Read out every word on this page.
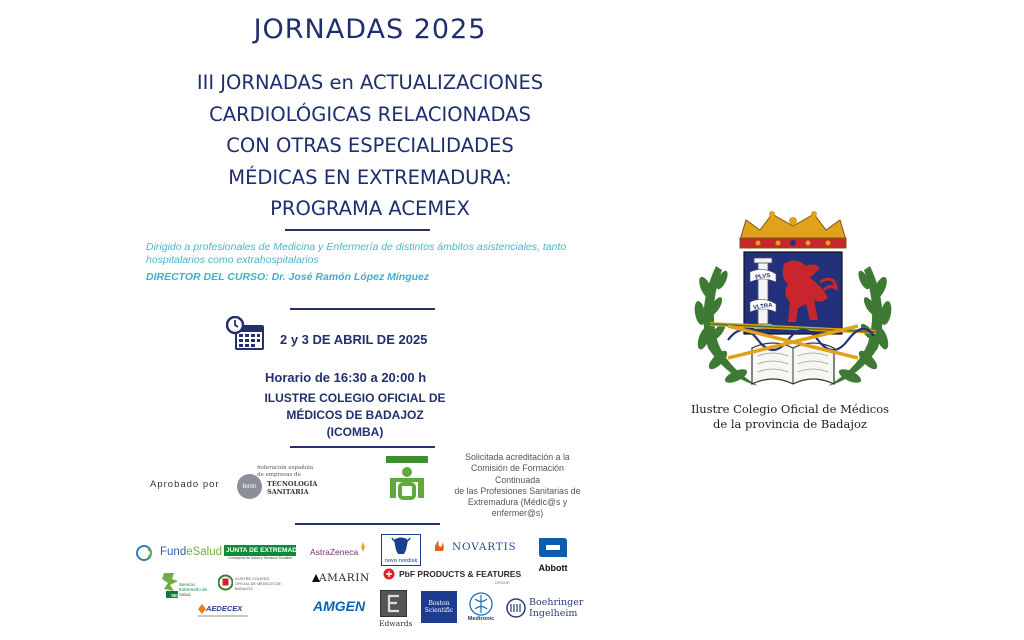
JORNADAS 2025
III JORNADAS en ACTUALIZACIONES
CARDIOLÓGICAS RELACIONADAS
CON OTRAS ESPECIALIDADES
MÉDICAS EN EXTREMADURA:
PROGRAMA ACEMEX
Dirigido a profesionales de Medicina y Enfermería de distintos ámbitos asistenciales, tanto hospitalarios como extrahospitalarios
DIRECTOR DEL CURSO: Dr. José Ramón López Mínguez
2 y 3 DE ABRIL DE 2025
Horario de 16:30 a 20:00 h
ILUSTRE COLEGIO OFICIAL DE
MÉDICOS DE BADAJOZ
(ICOMBA)
Aprobado por	fenin
federación española
de empresas de
TECNOLOGÍA SANITARIA
Solicitada acreditación a la
Comisión de Formación Continuada
de las Profesiones Sanitarias de
Extremadura (Médic@s y
enfermer@s)
FundeSalud JUNTA DE EXTREMADURA
Consejería de Salud y Servicios Sociales
AstraZeneca
novo nordisk
NOVARTIS
Abbott
SES
Servicio Extremeño de Salud
ILUSTRE COLEGIO OFICIAL DE MÉDICOS DE BADAJOZ
AMARIN	PbF PRODUCTS & FEATURES
GROUP
AEDECEX	AMGEN
Edwards
Boston Scientific
Medtronic
Boehringer
Ingelheim
PLVS
VLTRA
Ilustre Colegio Oficial de Médicos
de la provincia de Badajoz
